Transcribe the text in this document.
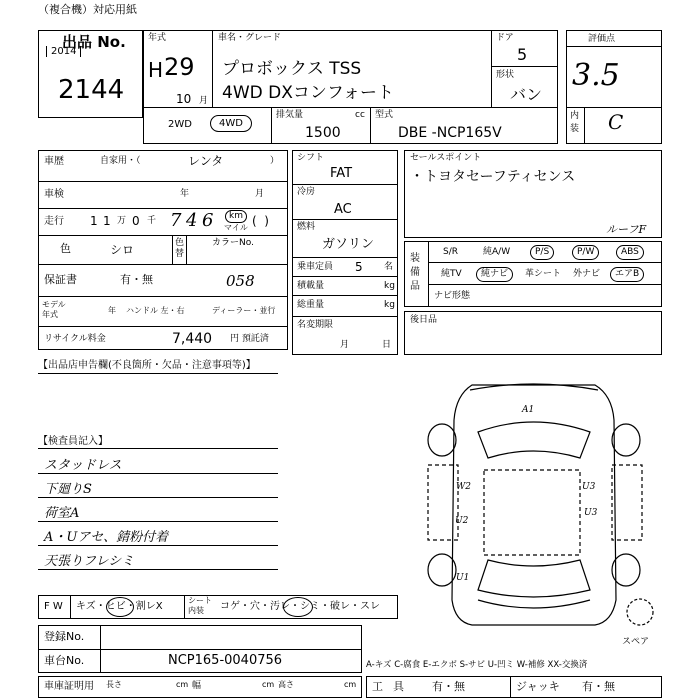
（複合機）対応用紙
出品 No.
2014
2144
年式
H 29
10 月
車名・グレード
プロボックス TSS
4WD DXコンフォート
ドア
5
形状
バン
2WD	4WD
排気量	cc
1500
型式
DBE -NCP165V
評価点
3.5
内装 C
車歴	自家用・（	レンタ	）
車検	年	月
走行 1 1 万 0 千 7 4 6	km
マイル (  )
色	シロ	色替
カラーNo.
058
保証書	有・無
モデル年式	年 ハンドル 左・右	ディーラー・並行
リサイクル料金	7,440 円 預託済
シフト
FAT
冷房
AC
燃料
ガソリン
乗車定員 5 名
積載量	kg
総重量	kg
名変期限
月	日
セールスポイント
・トヨタセーフティセンス
ルーフF
装備品
S/R	純A/W	P/S	P/W	ABS
純TV	純ナビ	革シート	外ナビ	エアB
ナビ形態
後日品
【出品店申告欄(不良箇所・欠品・注意事項等)】
【検査員記入】
スタッドレス
下廻りS
荷室A
A・Uアセ、錆粉付着
天張りフレシミ
F W キズ・ヒビ・割レX
シート内装	コゲ・穴・汚レ・シミ・破レ・スレ
登録No.
車台No.	NCP165-0040756
車庫証明用 長さ	cm 幅	cm 高さ	cm
A-キズ C-腐食 E-エクボ S-サビ U-凹ミ W-補修 XX-交換済
工具 有・無	ジャッキ 有・無
A1
W2
U2
U3
U3
U1
スペア
